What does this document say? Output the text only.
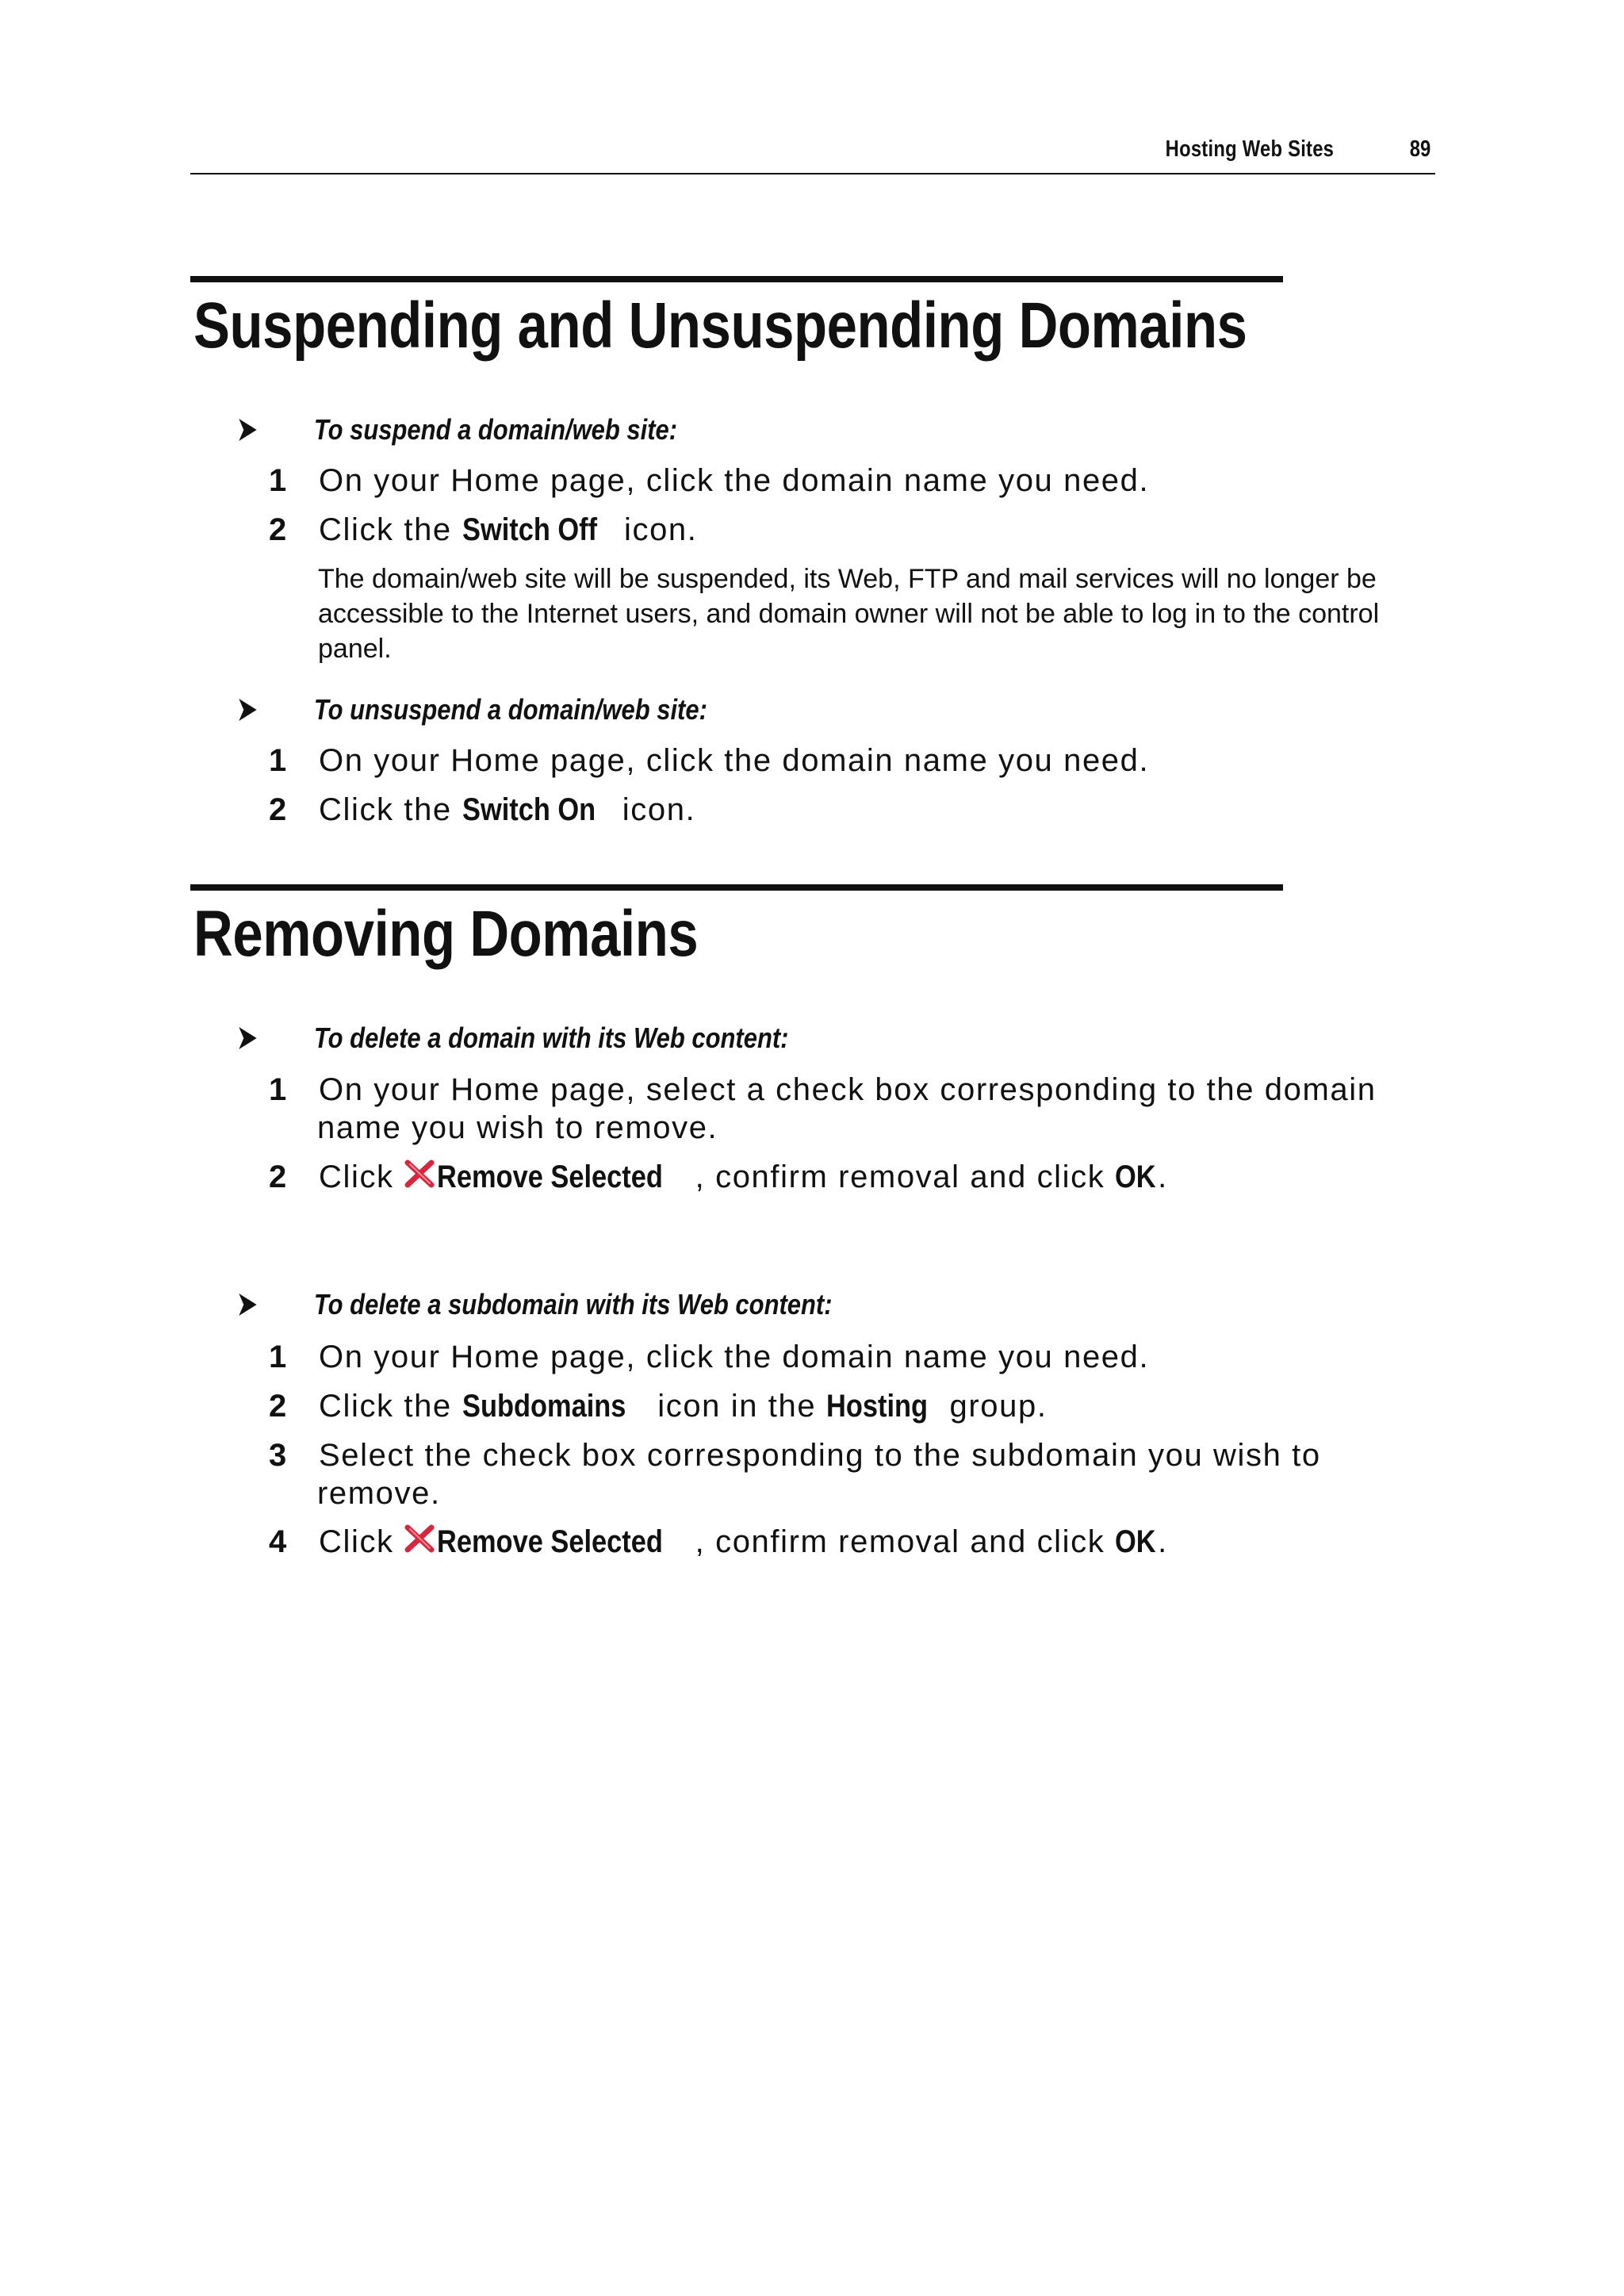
Hosting Web Sites	89
Suspending and Unsuspending Domains
To suspend a domain/web site:
1 On your Home page, click the domain name you need.
2 Click the Switch Off icon.
The domain/web site will be suspended, its Web, FTP and mail services will no longer be accessible to the Internet users, and domain owner will not be able to log in to the control panel.
To unsuspend a domain/web site:
1 On your Home page, click the domain name you need.
2 Click the Switch On icon.
Removing Domains
To delete a domain with its Web content:
1 On your Home page, select a check box corresponding to the domain
name you wish to remove.
2 Click Remove Selected , confirm removal and click OK.
To delete a subdomain with its Web content:
1 On your Home page, click the domain name you need.
2 Click the Subdomains icon in the Hosting group.
3 Select the check box corresponding to the subdomain you wish to
remove.
4 Click Remove Selected , confirm removal and click OK.
